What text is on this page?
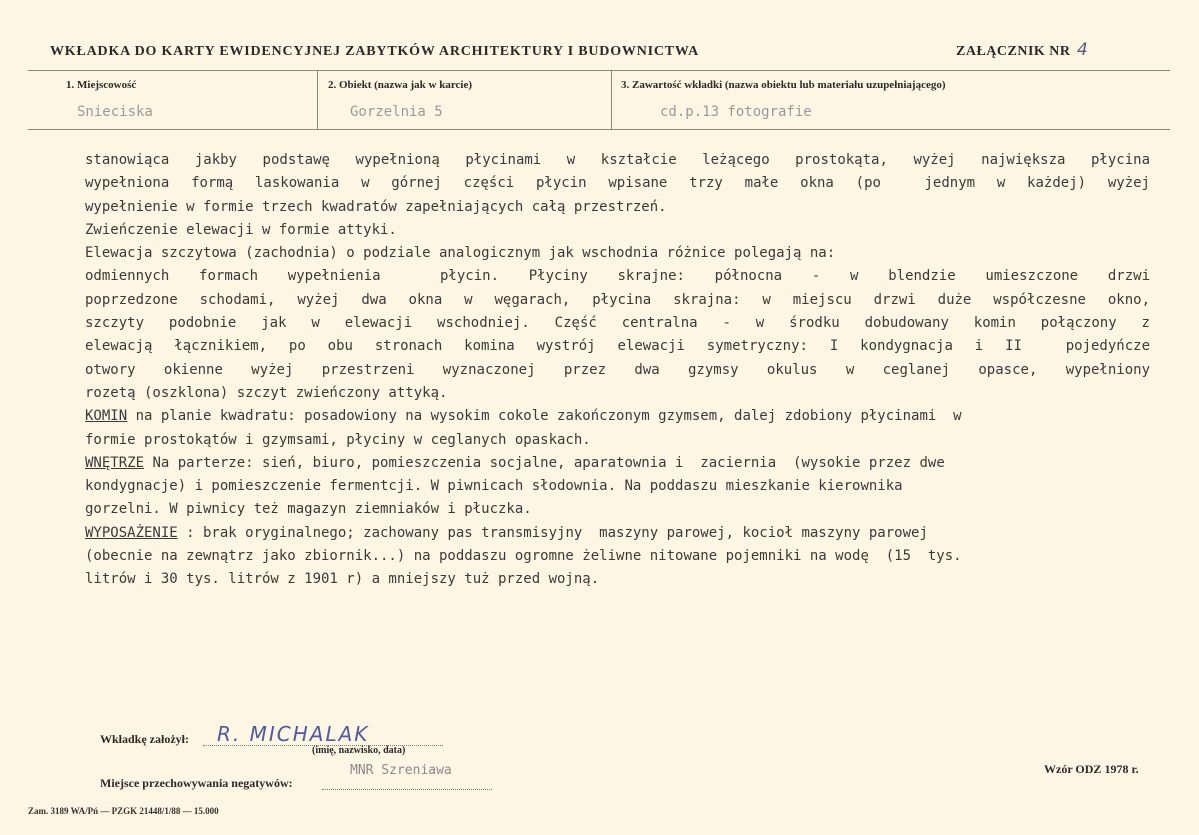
WKŁADKA DO KARTY EWIDENCYJNEJ ZABYTKÓW ARCHITEKTURY I BUDOWNICTWA	ZAŁĄCZNIK NR 4
1. Miejscowość
Snieciska
2. Obiekt (nazwa jak w karcie)
Gorzelnia 5
3. Zawartość wkładki (nazwa obiektu lub materiału uzupełniającego)
cd.p.13 fotografie
stanowiąca jakby podstawę wypełnioną płycinami w kształcie leżącego prostokąta, wyżej największa płycina
wypełniona formą laskowania w górnej części płycin wpisane trzy małe okna (po  jednym w każdej) wyżej
wypełnienie w formie trzech kwadratów zapełniających całą przestrzeń.
Zwieńczenie elewacji w formie attyki.
Elewacja szczytowa (zachodnia) o podziale analogicznym jak wschodnia różnice polegają na:
odmiennych formach wypełnienia  płycin. Płyciny skrajne: północna - w blendzie umieszczone drzwi
poprzedzone schodami, wyżej dwa okna w węgarach, płycina skrajna: w miejscu drzwi duże współczesne okno,
szczyty podobnie jak w elewacji wschodniej. Część centralna - w środku dobudowany komin połączony z
elewacją łącznikiem, po obu stronach komina wystrój elewacji symetryczny: I kondygnacja i II  pojedyńcze
otwory okienne wyżej przestrzeni wyznaczonej przez dwa gzymsy okulus w ceglanej opasce, wypełniony
rozetą (oszklona) szczyt zwieńczony attyką.
KOMIN na planie kwadratu: posadowiony na wysokim cokole zakończonym gzymsem, dalej zdobiony płycinami  w
formie prostokątów i gzymsami, płyciny w ceglanych opaskach.
WNĘTRZE Na parterze: sień, biuro, pomieszczenia socjalne, aparatownia i  zaciernia  (wysokie przez dwe
kondygnacje) i pomieszczenie fermentcji. W piwnicach słodownia. Na poddaszu mieszkanie kierownika
gorzelni. W piwnicy też magazyn ziemniaków i płuczka.
WYPOSAŻENIE : brak oryginalnego; zachowany pas transmisyjny  maszyny parowej, kocioł maszyny parowej
(obecnie na zewnątrz jako zbiornik...) na poddaszu ogromne żeliwne nitowane pojemniki na wodę  (15  tys.
litrów i 30 tys. litrów z 1901 r) a mniejszy tuż przed wojną.
Wkładkę założył: R. MICHALAK
(imię, nazwisko, data)
Miejsce przechowywania negatywów:
MNR Szreniawa	Wzór ODZ 1978 r.
Zam. 3189 WA/Pń — PZGK 21448/1/88 — 15.000
